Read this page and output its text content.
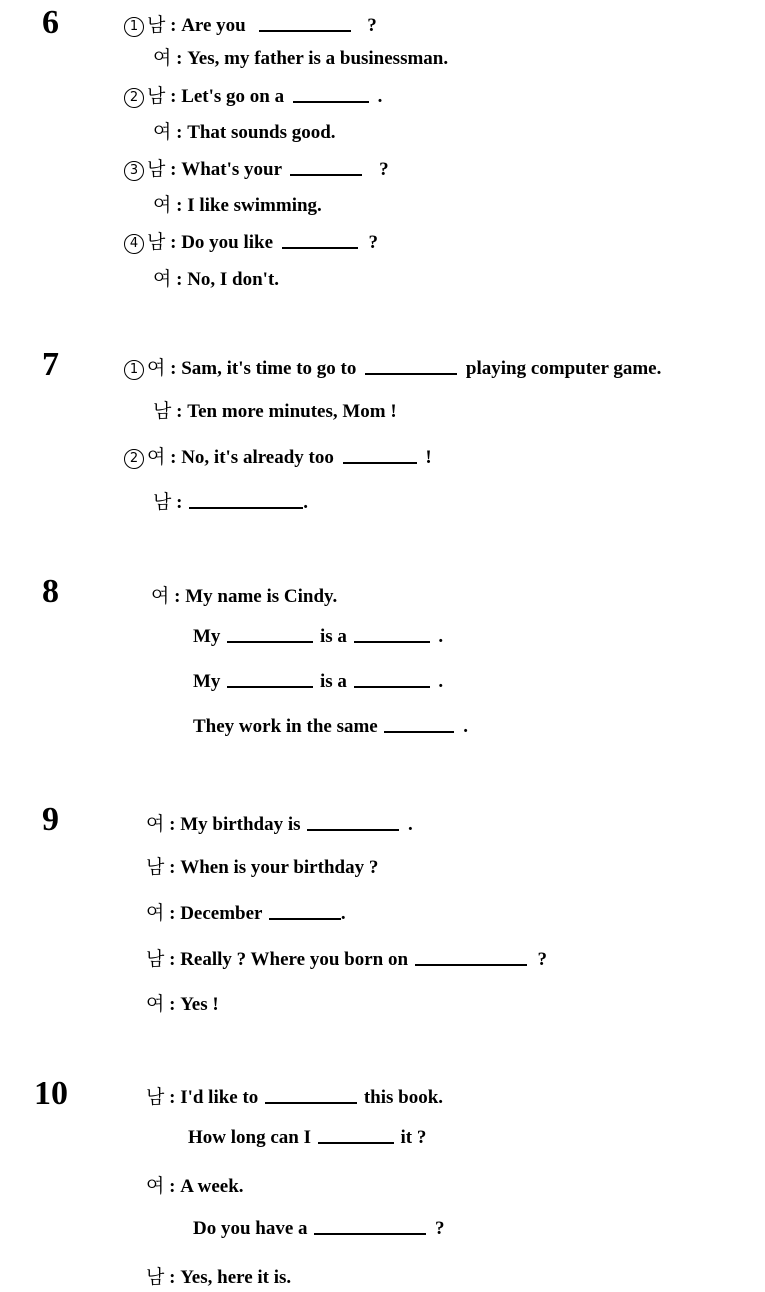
6	1 남 : Are you	?
여 : Yes, my father is a businessman.
2 남 : Let's go on a	.
여 : That sounds good.
3 남 : What's your	?
여 : I like swimming.
4 남 : Do you like	?
여 : No, I don't.
7	1 여 : Sam, it's time to go to	playing computer game.
남 : Ten more minutes, Mom !
2 여 : No, it's already too	!
남 :	.
8	여 : My name is Cindy.
My	is a	.
My	is a	.
They work in the same	.
9	여 : My birthday is	.
남 : When is your birthday ?
여 : December	.
남 : Really ? Where you born on	?
여 : Yes !
10	남 : I'd like to	this book.
How long can I	it ?
여 : A week.
Do you have a	?
남 : Yes, here it is.
